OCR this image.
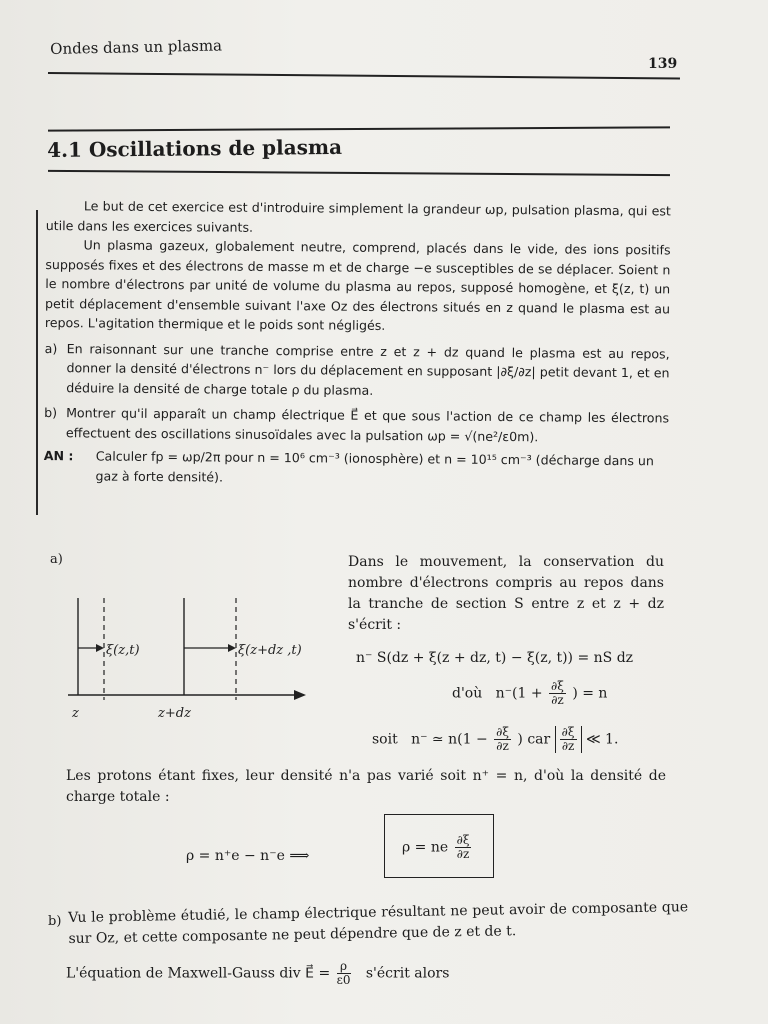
Ondes dans un plasma
139
4.1 Oscillations de plasma

Le but de cet exercice est d'introduire simplement la grandeur ωp, pulsation plasma, qui est utile dans les exercices suivants.

Un plasma gazeux, globalement neutre, comprend, placés dans le vide, des ions positifs supposés fixes et des électrons de masse m et de charge −e susceptibles de se déplacer. Soient n le nombre d'électrons par unité de volume du plasma au repos, supposé homogène, et ξ(z, t) un petit déplacement d'ensemble suivant l'axe Oz des électrons situés en z quand le plasma est au repos. L'agitation thermique et le poids sont négligés.

a) En raisonnant sur une tranche comprise entre z et z + dz quand le plasma est au repos, donner la densité d'électrons n⁻ lors du déplacement en supposant |∂ξ/∂z| petit devant 1, et en déduire la densité de charge totale ρ du plasma.
b) Montrer qu'il apparaît un champ électrique E⃗ et que sous l'action de ce champ les électrons effectuent des oscillations sinusoïdales avec la pulsation ωp = √(ne²/ε0m).
AN :	Calculer fp = ωp/2π pour n = 10⁶ cm⁻³ (ionosphère) et n = 10¹⁵ cm⁻³ (décharge dans un gaz à forte densité).
a)
ξ(z,t)	ξ(z+dz ,t)
z	z+dz
Dans le mouvement, la conservation du nombre d'électrons compris au repos dans la tranche de section S entre z et z + dz s'écrit :
n⁻ S(dz + ξ(z + dz, t) − ξ(z, t)) = nS dz
d'où $n^-(1 + \frac{\partial\xi}{\partial z}$ ) = n
soit n⁻ ≃ $n(1 - \frac{\partial\xi}{\partial z}$ ) car $\frac{\partial\xi}{\partial z}$ ≪ 1.
Les protons étant fixes, leur densité n'a pas varié soit n⁺ = n, d'où la densité de charge totale :
ρ = n⁺e − n⁻e ⟹
ρ = ne $\frac{\partial\xi}{\partial z}$
b) Vu le problème étudié, le champ électrique résultant ne peut avoir de composante que sur Oz, et cette composante ne peut dépendre que de z et de t.
L'équation de Maxwell-Gauss div E⃗ = $\frac{\rho}{\varepsilon 0}$ s'écrit alors
